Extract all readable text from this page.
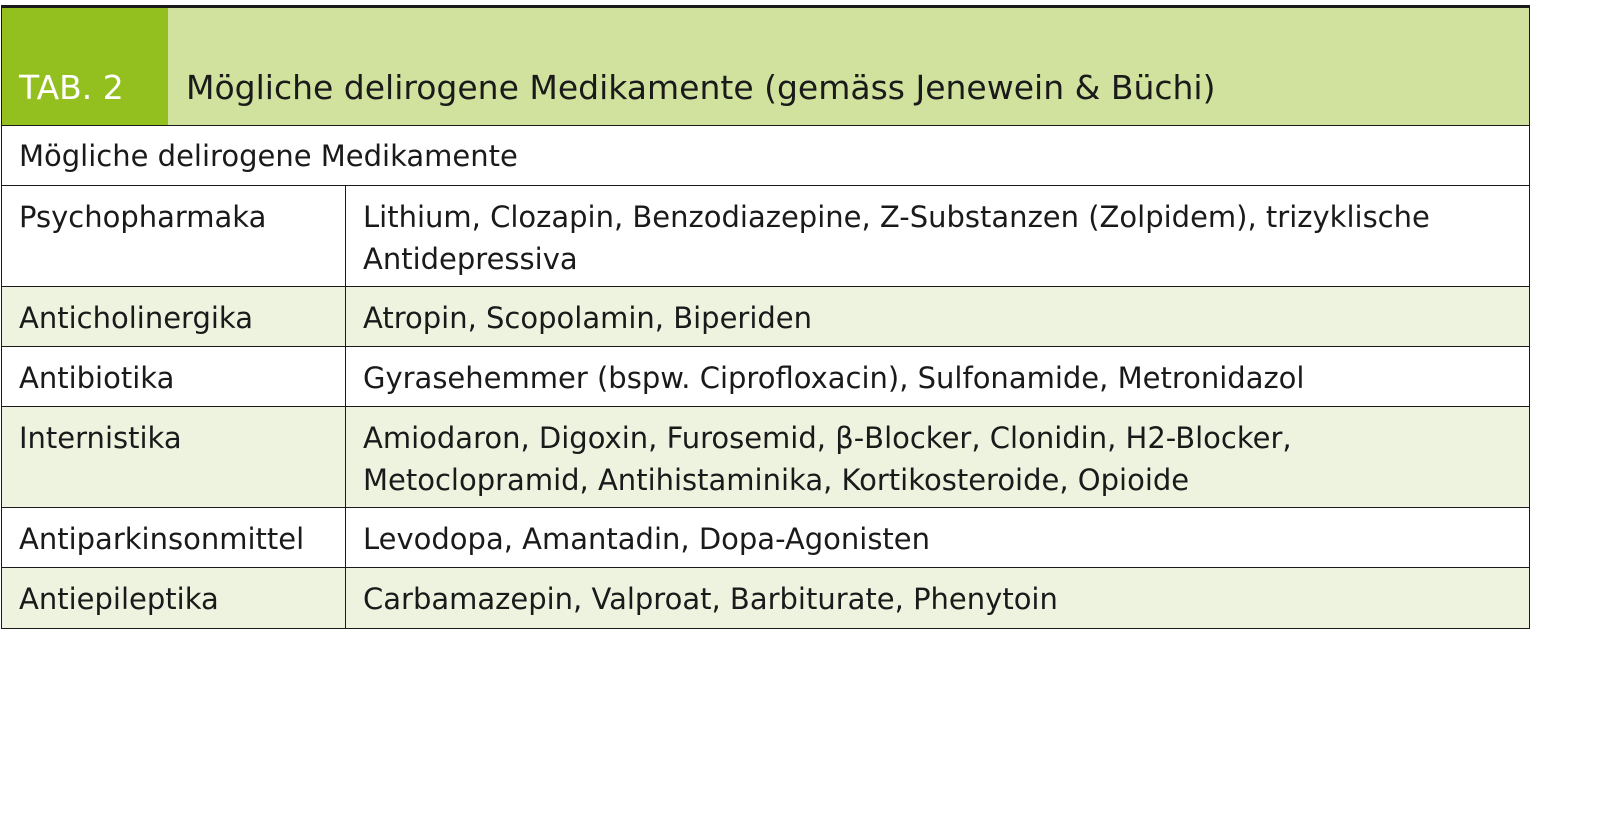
TAB. 2	Mögliche delirogene Medikamente (gemäss Jenewein & Büchi)
Mögliche delirogene Medikamente
Psychopharmaka	Lithium, Clozapin, Benzodiazepine, Z-Substanzen (Zolpidem), trizyklische Antidepressiva
Anticholinergika	Atropin, Scopolamin, Biperiden
Antibiotika	Gyrasehemmer (bspw. Ciprofloxacin), Sulfonamide, Metronidazol
Internistika	Amiodaron, Digoxin, Furosemid, β-Blocker, Clonidin, H2-Blocker, Metoclopramid, Antihistaminika, Kortikosteroide, Opioide
Antiparkinsonmittel	Levodopa, Amantadin, Dopa-Agonisten
Antiepileptika	Carbamazepin, Valproat, Barbiturate, Phenytoin
